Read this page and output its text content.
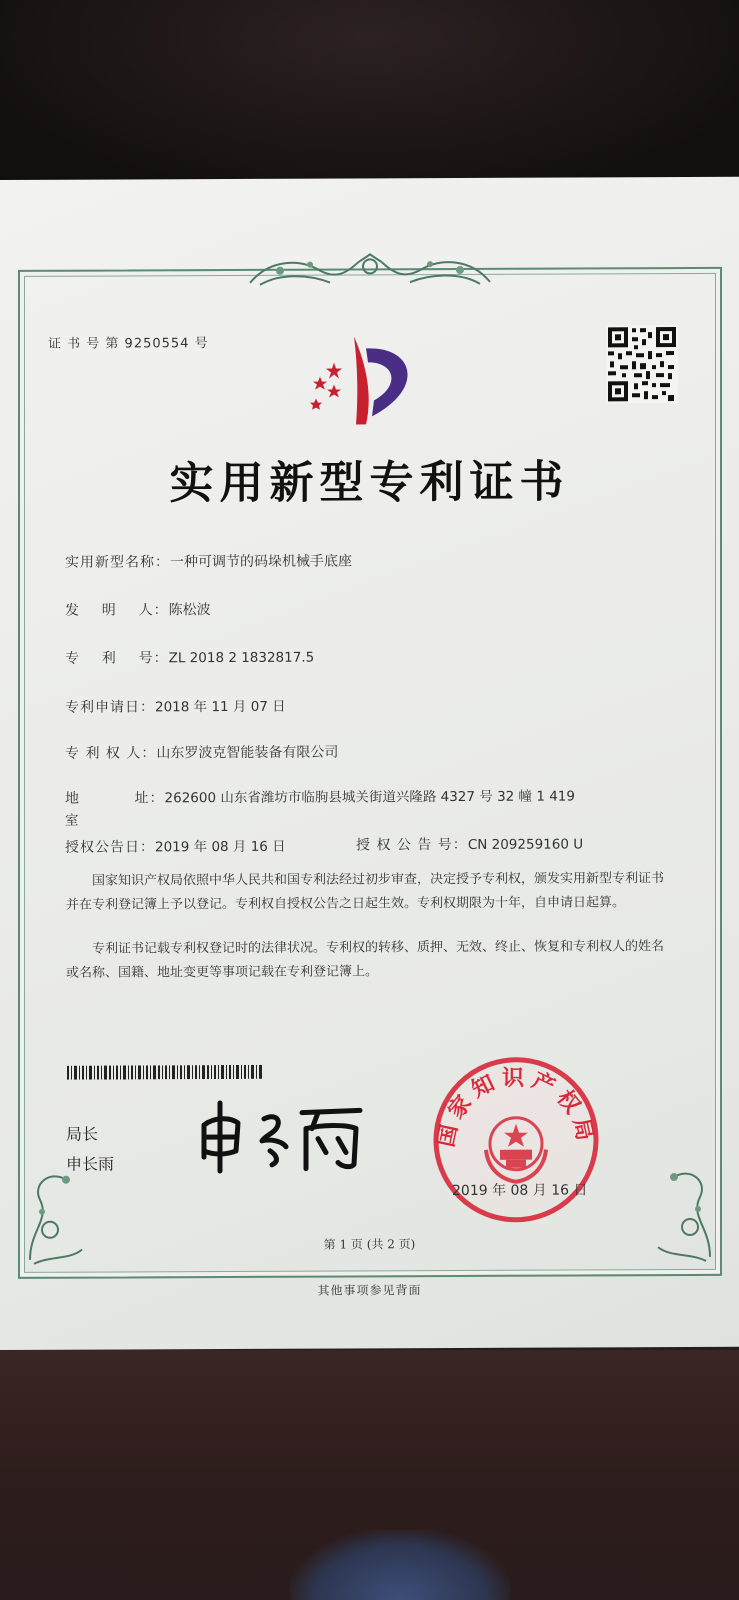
证 书 号 第 9250554 号
实用新型专利证书
实用新型名称：一种可调节的码垛机械手底座
发    明    人：陈松波
专    利    号：ZL 2018 2 1832817.5
专利申请日：2018 年 11 月 07 日
专 利 权 人：山东罗波克智能装备有限公司
地          址：262600 山东省潍坊市临朐县城关街道兴隆路 4327 号 32 幢 1 419 室
授权公告日：2019 年 08 月 16 日	授 权 公 告 号：CN 209259160 U
国家知识产权局依照中华人民共和国专利法经过初步审查，决定授予专利权，颁发实用新型专利证书并在专利登记簿上予以登记。专利权自授权公告之日起生效。专利权期限为十年，自申请日起算。
专利证书记载专利权登记时的法律状况。专利权的转移、质押、无效、终止、恢复和专利权人的姓名或名称、国籍、地址变更等事项记载在专利登记簿上。
局长
申长雨
国家知识产权局
2019 年 08 月 16 日
第 1 页 (共 2 页)
其他事项参见背面
